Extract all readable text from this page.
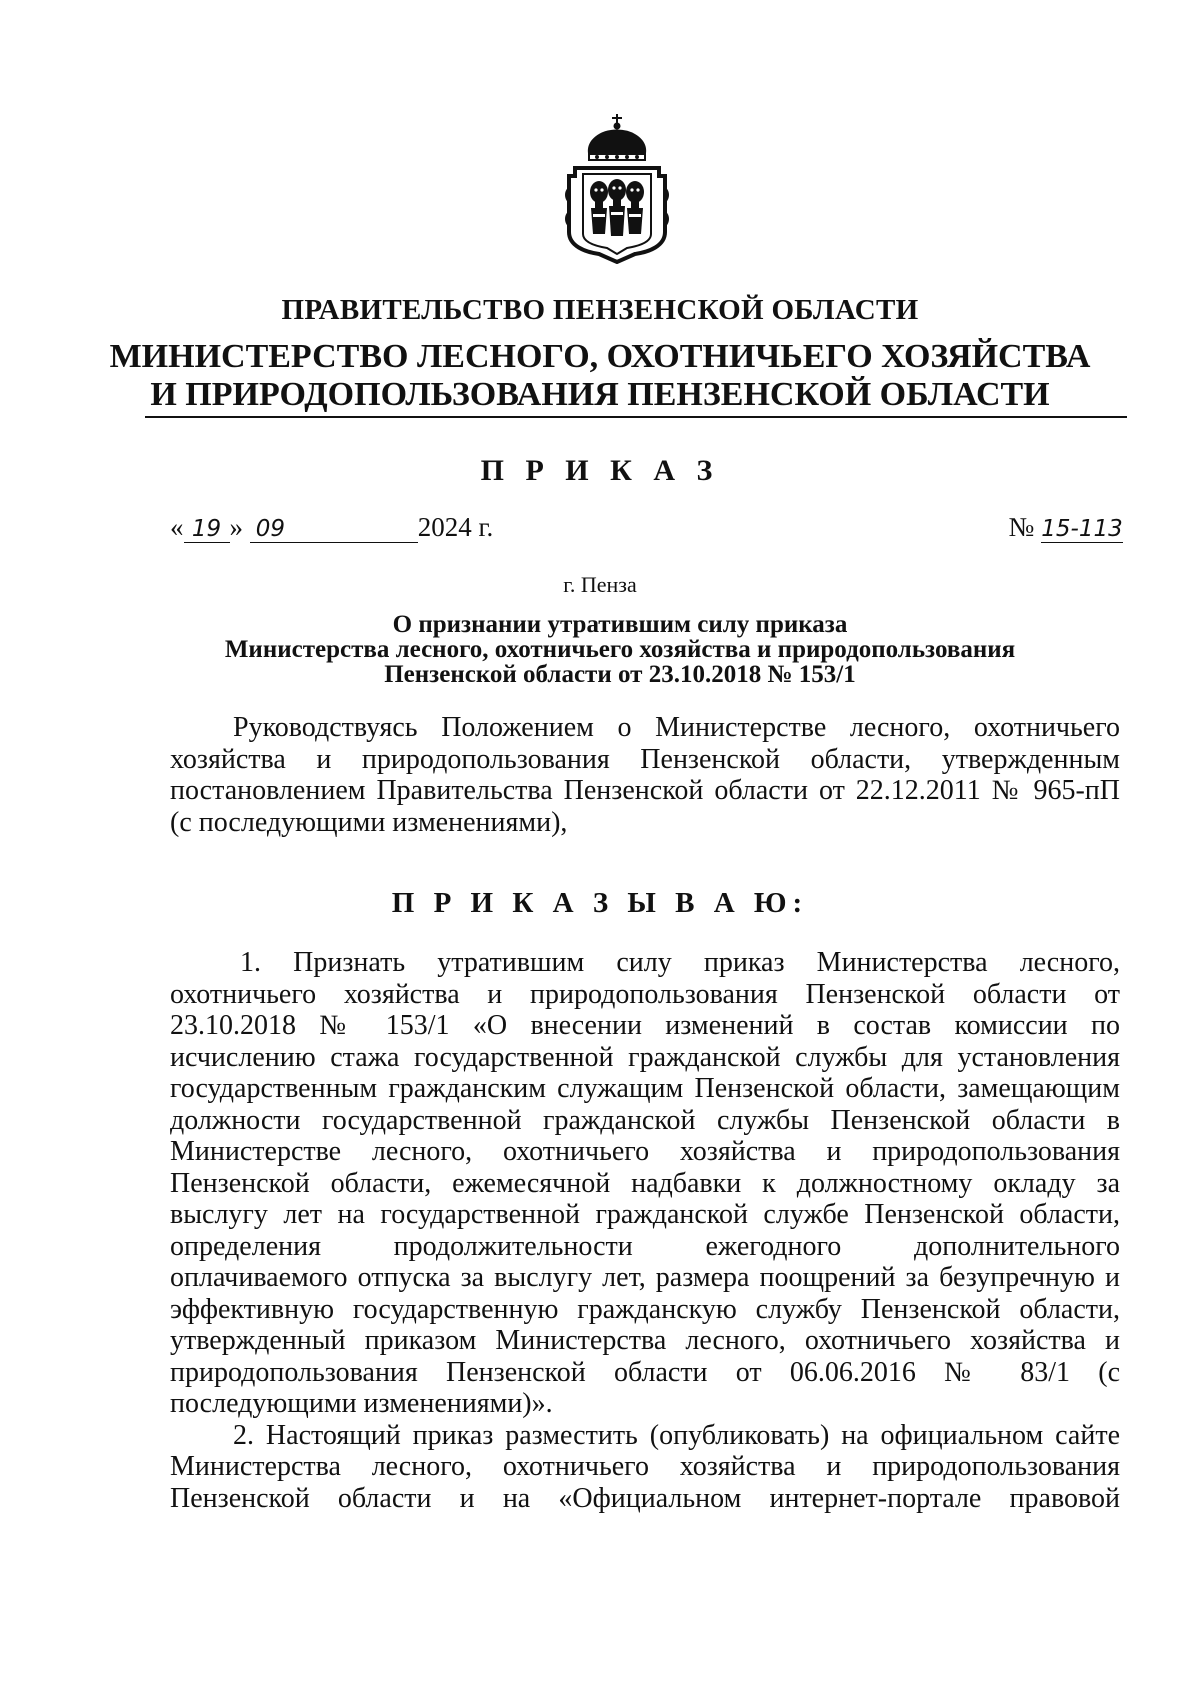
ПРАВИТЕЛЬСТВО ПЕНЗЕНСКОЙ ОБЛАСТИ
МИНИСТЕРСТВО ЛЕСНОГО, ОХОТНИЧЬЕГО ХОЗЯЙСТВА
И ПРИРОДОПОЛЬЗОВАНИЯ ПЕНЗЕНСКОЙ ОБЛАСТИ
П Р И К А З
« 19 » 09	2024 г.	№ 15-113
г. Пенза
О признании утратившим силу приказа
Министерства лесного, охотничьего хозяйства и природопользования
Пензенской области от 23.10.2018 № 153/1
Руководствуясь Положением о Министерстве лесного, охотничьего
хозяйства и природопользования Пензенской области, утвержденным
постановлением Правительства Пензенской области от 22.12.2011 № 965-пП
(с последующими изменениями),
П Р И К А З Ы В А Ю:
1. Признать утратившим силу приказ Министерства лесного,
охотничьего хозяйства и природопользования Пензенской области от
23.10.2018 № 153/1 «О внесении изменений в состав комиссии по
исчислению стажа государственной гражданской службы для установления
государственным гражданским служащим Пензенской области, замещающим
должности государственной гражданской службы Пензенской области в
Министерстве лесного, охотничьего хозяйства и природопользования
Пензенской области, ежемесячной надбавки к должностному окладу за
выслугу лет на государственной гражданской службе Пензенской области,
определения продолжительности ежегодного дополнительного
оплачиваемого отпуска за выслугу лет, размера поощрений за безупречную и
эффективную государственную гражданскую службу Пензенской области,
утвержденный приказом Министерства лесного, охотничьего хозяйства и
природопользования Пензенской области от 06.06.2016 № 83/1 (с
последующими изменениями)».
2. Настоящий приказ разместить (опубликовать) на официальном сайте
Министерства лесного, охотничьего хозяйства и природопользования
Пензенской области и на «Официальном интернет-портале правовой
